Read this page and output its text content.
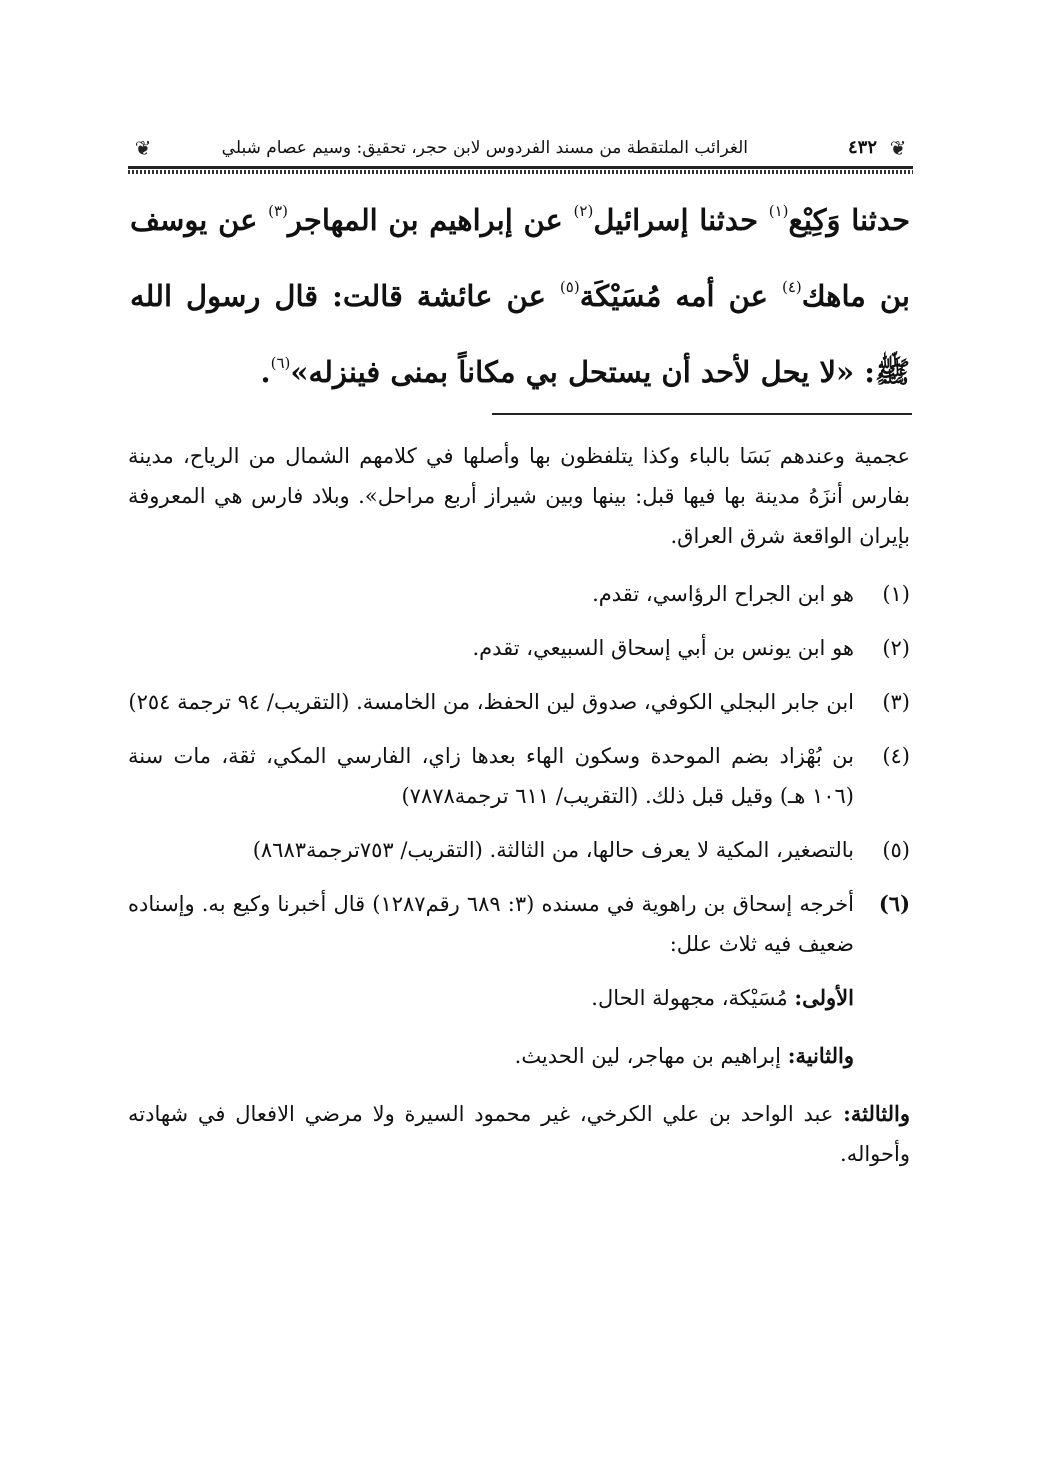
❦
٤٣٢
الغرائب الملتقطة من مسند الفردوس لابن حجر، تحقيق: وسيم عصام شبلي
❦

حدثنا وَكِيْع$^{(١)}$ حدثنا إسرائيل$^{(٢)}$ عن إبراهيم بن المهاجر$^{(٣)}$ عن يوسف بن ماهك$^{(٤)}$ عن أمه مُسَيْكَة$^{(٥)}$ عن عائشة قالت: قال رسول الله ﷺ: «لا يحل لأحد أن يستحل بي مكاناً بمنى فينزله»$^{(٦)}$.

عجمية وعندهم بَسَا بالباء وكذا يتلفظون بها وأصلها في كلامهم الشمال من الرياح، مدينة بفارس أنزَهُ مدينة بها فيها قبل: بينها وبين شيراز أربع مراحل». وبلاد فارس هي المعروفة بإيران الواقعة شرق العراق.

(١)
هو ابن الجراح الرؤاسي، تقدم.
(٢)
هو ابن يونس بن أبي إسحاق السبيعي، تقدم.
(٣)
ابن جابر البجلي الكوفي، صدوق لين الحفظ، من الخامسة. (التقريب/ ٩٤ ترجمة ٢٥٤)
(٤)
بن بُهْزاد بضم الموحدة وسكون الهاء بعدها زاي، الفارسي المكي، ثقة، مات سنة (١٠٦ هـ) وقيل قبل ذلك. (التقريب/ ٦١١ ترجمة٧٨٧٨)
(٥)
بالتصغير، المكية لا يعرف حالها، من الثالثة. (التقريب/ ٧٥٣ترجمة٨٦٨٣)
(٦)
أخرجه إسحاق بن راهوية في مسنده (٣: ٦٨٩ رقم١٢٨٧) قال أخبرنا وكيع به. وإسناده ضعيف فيه ثلاث علل:

الأولى: مُسَيْكة، مجهولة الحال.

والثانية: إبراهيم بن مهاجر، لين الحديث.

والثالثة: عبد الواحد بن علي الكرخي، غير محمود السيرة ولا مرضي الافعال في شهادته وأحواله.
